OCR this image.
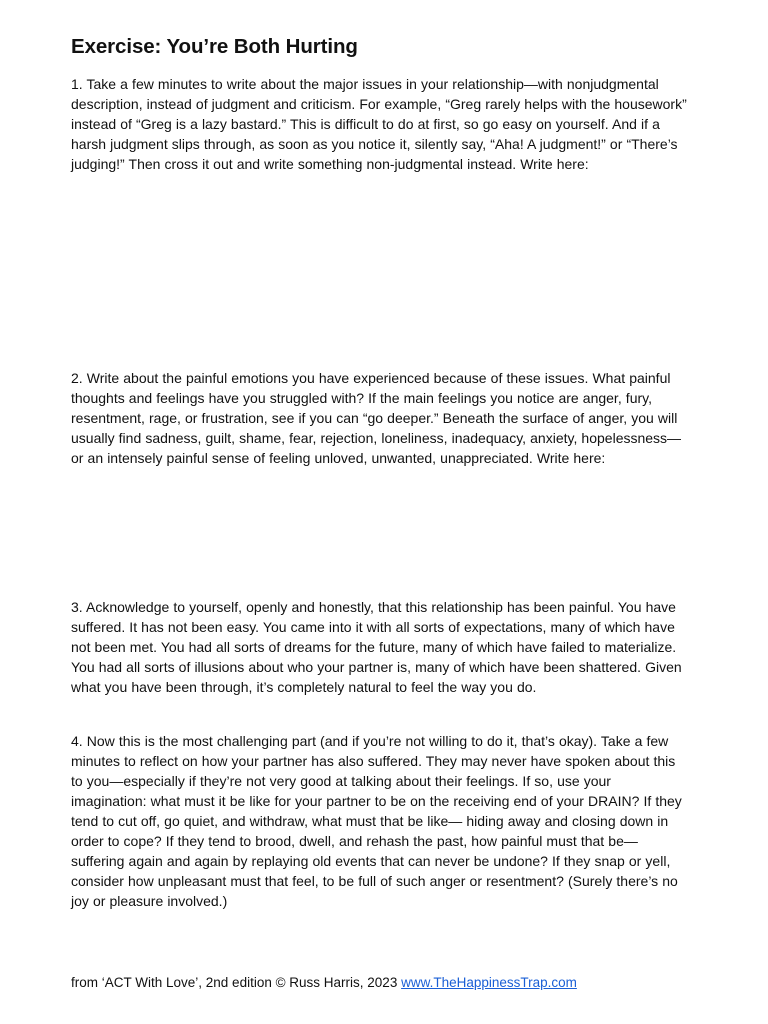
Exercise: You’re Both Hurting

1. Take a few minutes to write about the major issues in your relationship—with nonjudgmental description, instead of judgment and criticism. For example, “Greg rarely helps with the housework” instead of “Greg is a lazy bastard.” This is difficult to do at first, so go easy on yourself. And if a harsh judgment slips through, as soon as you notice it, silently say, “Aha! A judgment!” or “There’s judging!” Then cross it out and write something non-judgmental instead. Write here:

2. Write about the painful emotions you have experienced because of these issues. What painful thoughts and feelings have you struggled with? If the main feelings you notice are anger, fury, resentment, rage, or frustration, see if you can “go deeper.” Beneath the surface of anger, you will usually find sadness, guilt, shame, fear, rejection, loneliness, inadequacy, anxiety, hopelessness—or an intensely painful sense of feeling unloved, unwanted, unappreciated. Write here:

3. Acknowledge to yourself, openly and honestly, that this relationship has been painful. You have suffered. It has not been easy. You came into it with all sorts of expectations, many of which have not been met. You had all sorts of dreams for the future, many of which have failed to materialize. You had all sorts of illusions about who your partner is, many of which have been shattered. Given what you have been through, it’s completely natural to feel the way you do.

4. Now this is the most challenging part (and if you’re not willing to do it, that’s okay). Take a few minutes to reflect on how your partner has also suffered. They may never have spoken about this to you—especially if they’re not very good at talking about their feelings. If so, use your imagination: what must it be like for your partner to be on the receiving end of your DRAIN? If they tend to cut off, go quiet, and withdraw, what must that be like— hiding away and closing down in order to cope? If they tend to brood, dwell, and rehash the past, how painful must that be—suffering again and again by replaying old events that can never be undone? If they snap or yell, consider how unpleasant must that feel, to be full of such anger or resentment? (Surely there’s no joy or pleasure involved.)

from ‘ACT With Love’, 2nd edition © Russ Harris, 2023 www.TheHappinessTrap.com
